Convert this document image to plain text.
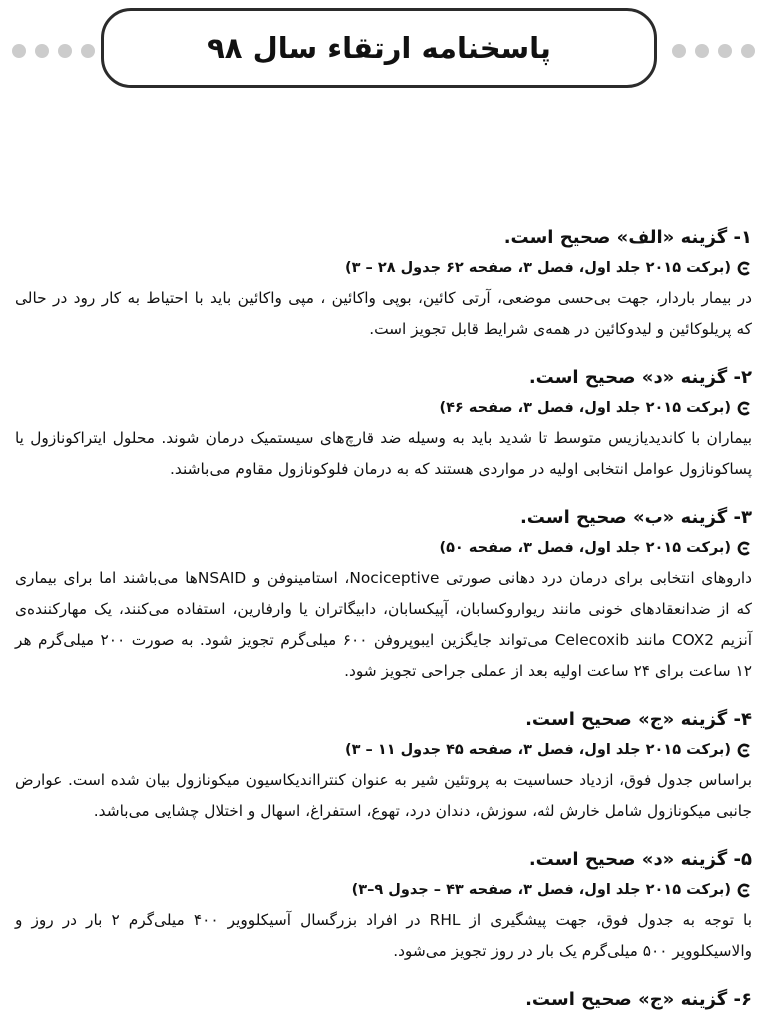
پاسخنامه ارتقاء سال ۹۸
۱- گزینه «الف» صحیح است.
(برکت ۲۰۱۵ جلد اول، فصل ۳، صفحه ۶۲ جدول ۲۸ – ۳)
در بیمار باردار، جهت بی‌حسی موضعی، آرتی کائین، بوپی واکائین ، مپی واکائین باید با احتیاط به کار رود در حالی
که پریلوکائین و لیدوکائین در همه‌ی شرایط قابل تجویز است.
۲- گزینه «د» صحیح است.
(برکت ۲۰۱۵ جلد اول، فصل ۳، صفحه ۴۶)
بیماران با کاندیدیازیس متوسط تا شدید باید به وسیله ضد قارچ‌های سیستمیک درمان شوند. محلول ایتراکونازول یا
پساکونازول عوامل انتخابی اولیه در مواردی هستند که به درمان فلوکونازول مقاوم می‌باشند.
۳- گزینه «ب» صحیح است.
(برکت ۲۰۱۵ جلد اول، فصل ۳، صفحه ۵۰)
داروهای انتخابی برای درمان درد دهانی صورتی Nociceptive، استامینوفن و NSAIDها می‌باشند اما برای بیماری
که از ضدانعقادهای خونی مانند ریواروکسابان، آپیکسابان، دابیگاتران یا وارفارین، استفاده می‌کنند، یک مهارکننده‌ی
آنزیم COX2 مانند Celecoxib می‌تواند جایگزین ایبوپروفن ۶۰۰ میلی‌گرم تجویز شود. به صورت ۲۰۰ میلی‌گرم هر
۱۲ ساعت برای ۲۴ ساعت اولیه بعد از عملی جراحی تجویز شود.
۴- گزینه «ج» صحیح است.
(برکت ۲۰۱۵ جلد اول، فصل ۳، صفحه ۴۵ جدول ۱۱ – ۳)
براساس جدول فوق، ازدیاد حساسیت به پروتئین شیر به عنوان کنترااندیکاسیون میکونازول بیان شده است. عوارض
جانبی میکونازول شامل خارش لثه، سوزش، دندان درد، تهوع، استفراغ، اسهال و اختلال چشایی می‌باشد.
۵- گزینه «د» صحیح است.
(برکت ۲۰۱۵ جلد اول، فصل ۳، صفحه ۴۳ – جدول ۹–۳)
با توجه به جدول فوق، جهت پیشگیری از RHL در افراد بزرگسال آسیکلوویر ۴۰۰ میلی‌گرم ۲ بار در روز و
والاسیکلوویر ۵۰۰ میلی‌گرم یک بار در روز تجویز می‌شود.
۶- گزینه «ج» صحیح است.
